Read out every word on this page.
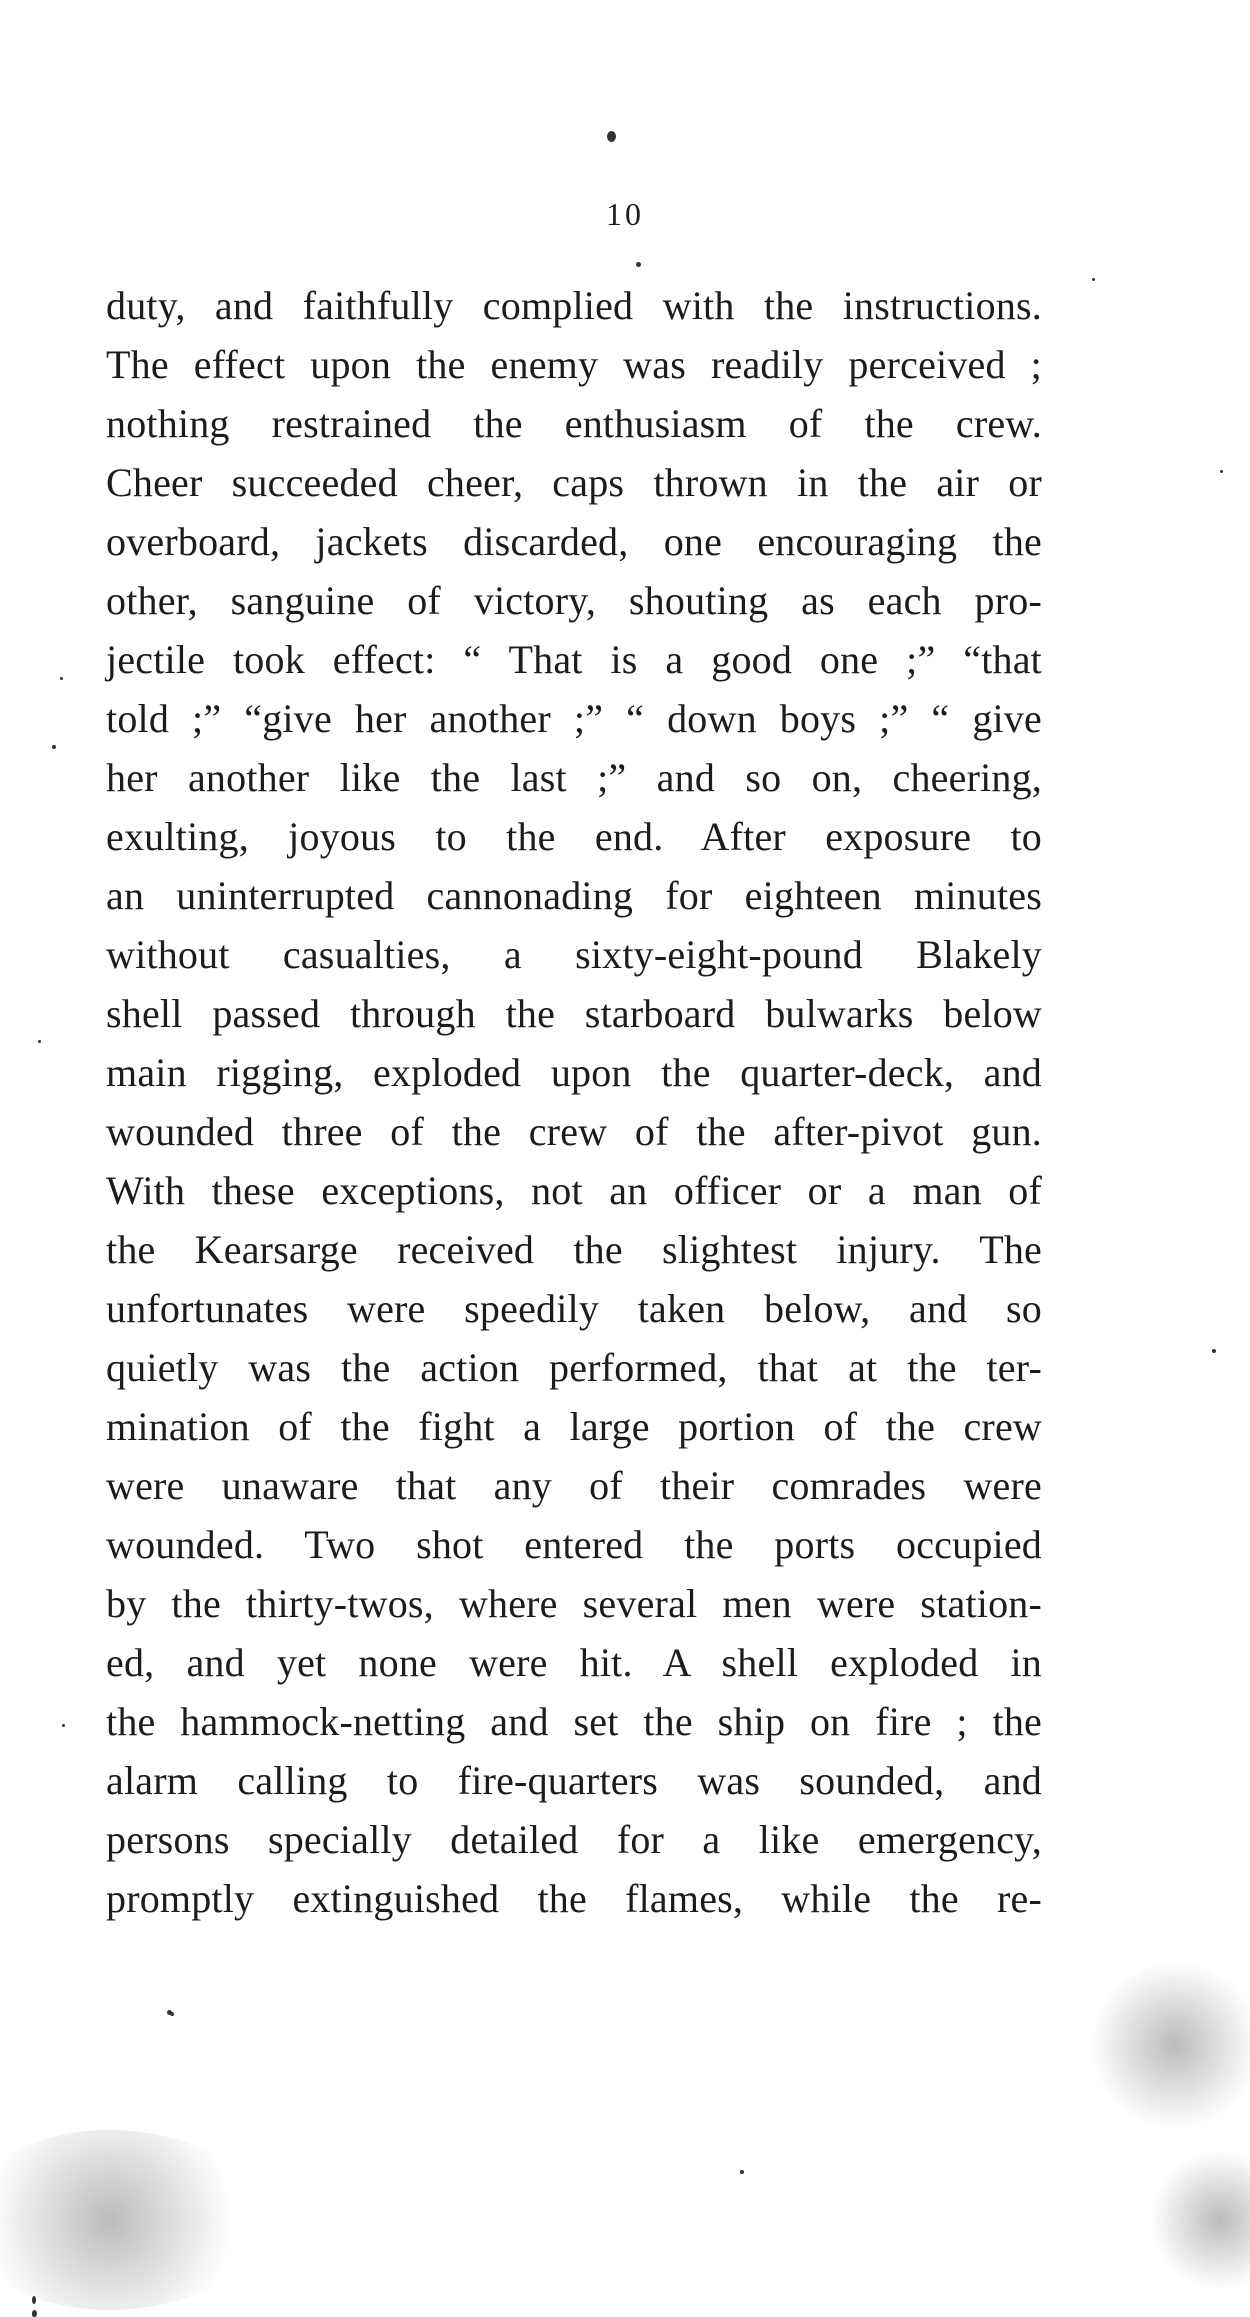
10
duty, and faithfully complied with the instructions.
The effect upon the enemy was readily perceived ;
nothing restrained the enthusiasm of the crew.
Cheer succeeded cheer, caps thrown in the air or
overboard, jackets discarded, one encouraging the
other, sanguine of victory, shouting as each pro-
jectile took effect: “ That is a good one ;” “that
told ;” “give her another ;” “ down boys ;” “ give
her another like the last ;” and so on, cheering,
exulting, joyous to the end. After exposure to
an uninterrupted cannonading for eighteen minutes
without casualties, a sixty-eight-pound Blakely
shell passed through the starboard bulwarks below
main rigging, exploded upon the quarter-deck, and
wounded three of the crew of the after-pivot gun.
With these exceptions, not an officer or a man of
the Kearsarge received the slightest injury. The
unfortunates were speedily taken below, and so
quietly was the action performed, that at the ter-
mination of the fight a large portion of the crew
were unaware that any of their comrades were
wounded. Two shot entered the ports occupied
by the thirty-twos, where several men were station-
ed, and yet none were hit. A shell exploded in
the hammock-netting and set the ship on fire ; the
alarm calling to fire-quarters was sounded, and
persons specially detailed for a like emergency,
promptly extinguished the flames, while the re-
